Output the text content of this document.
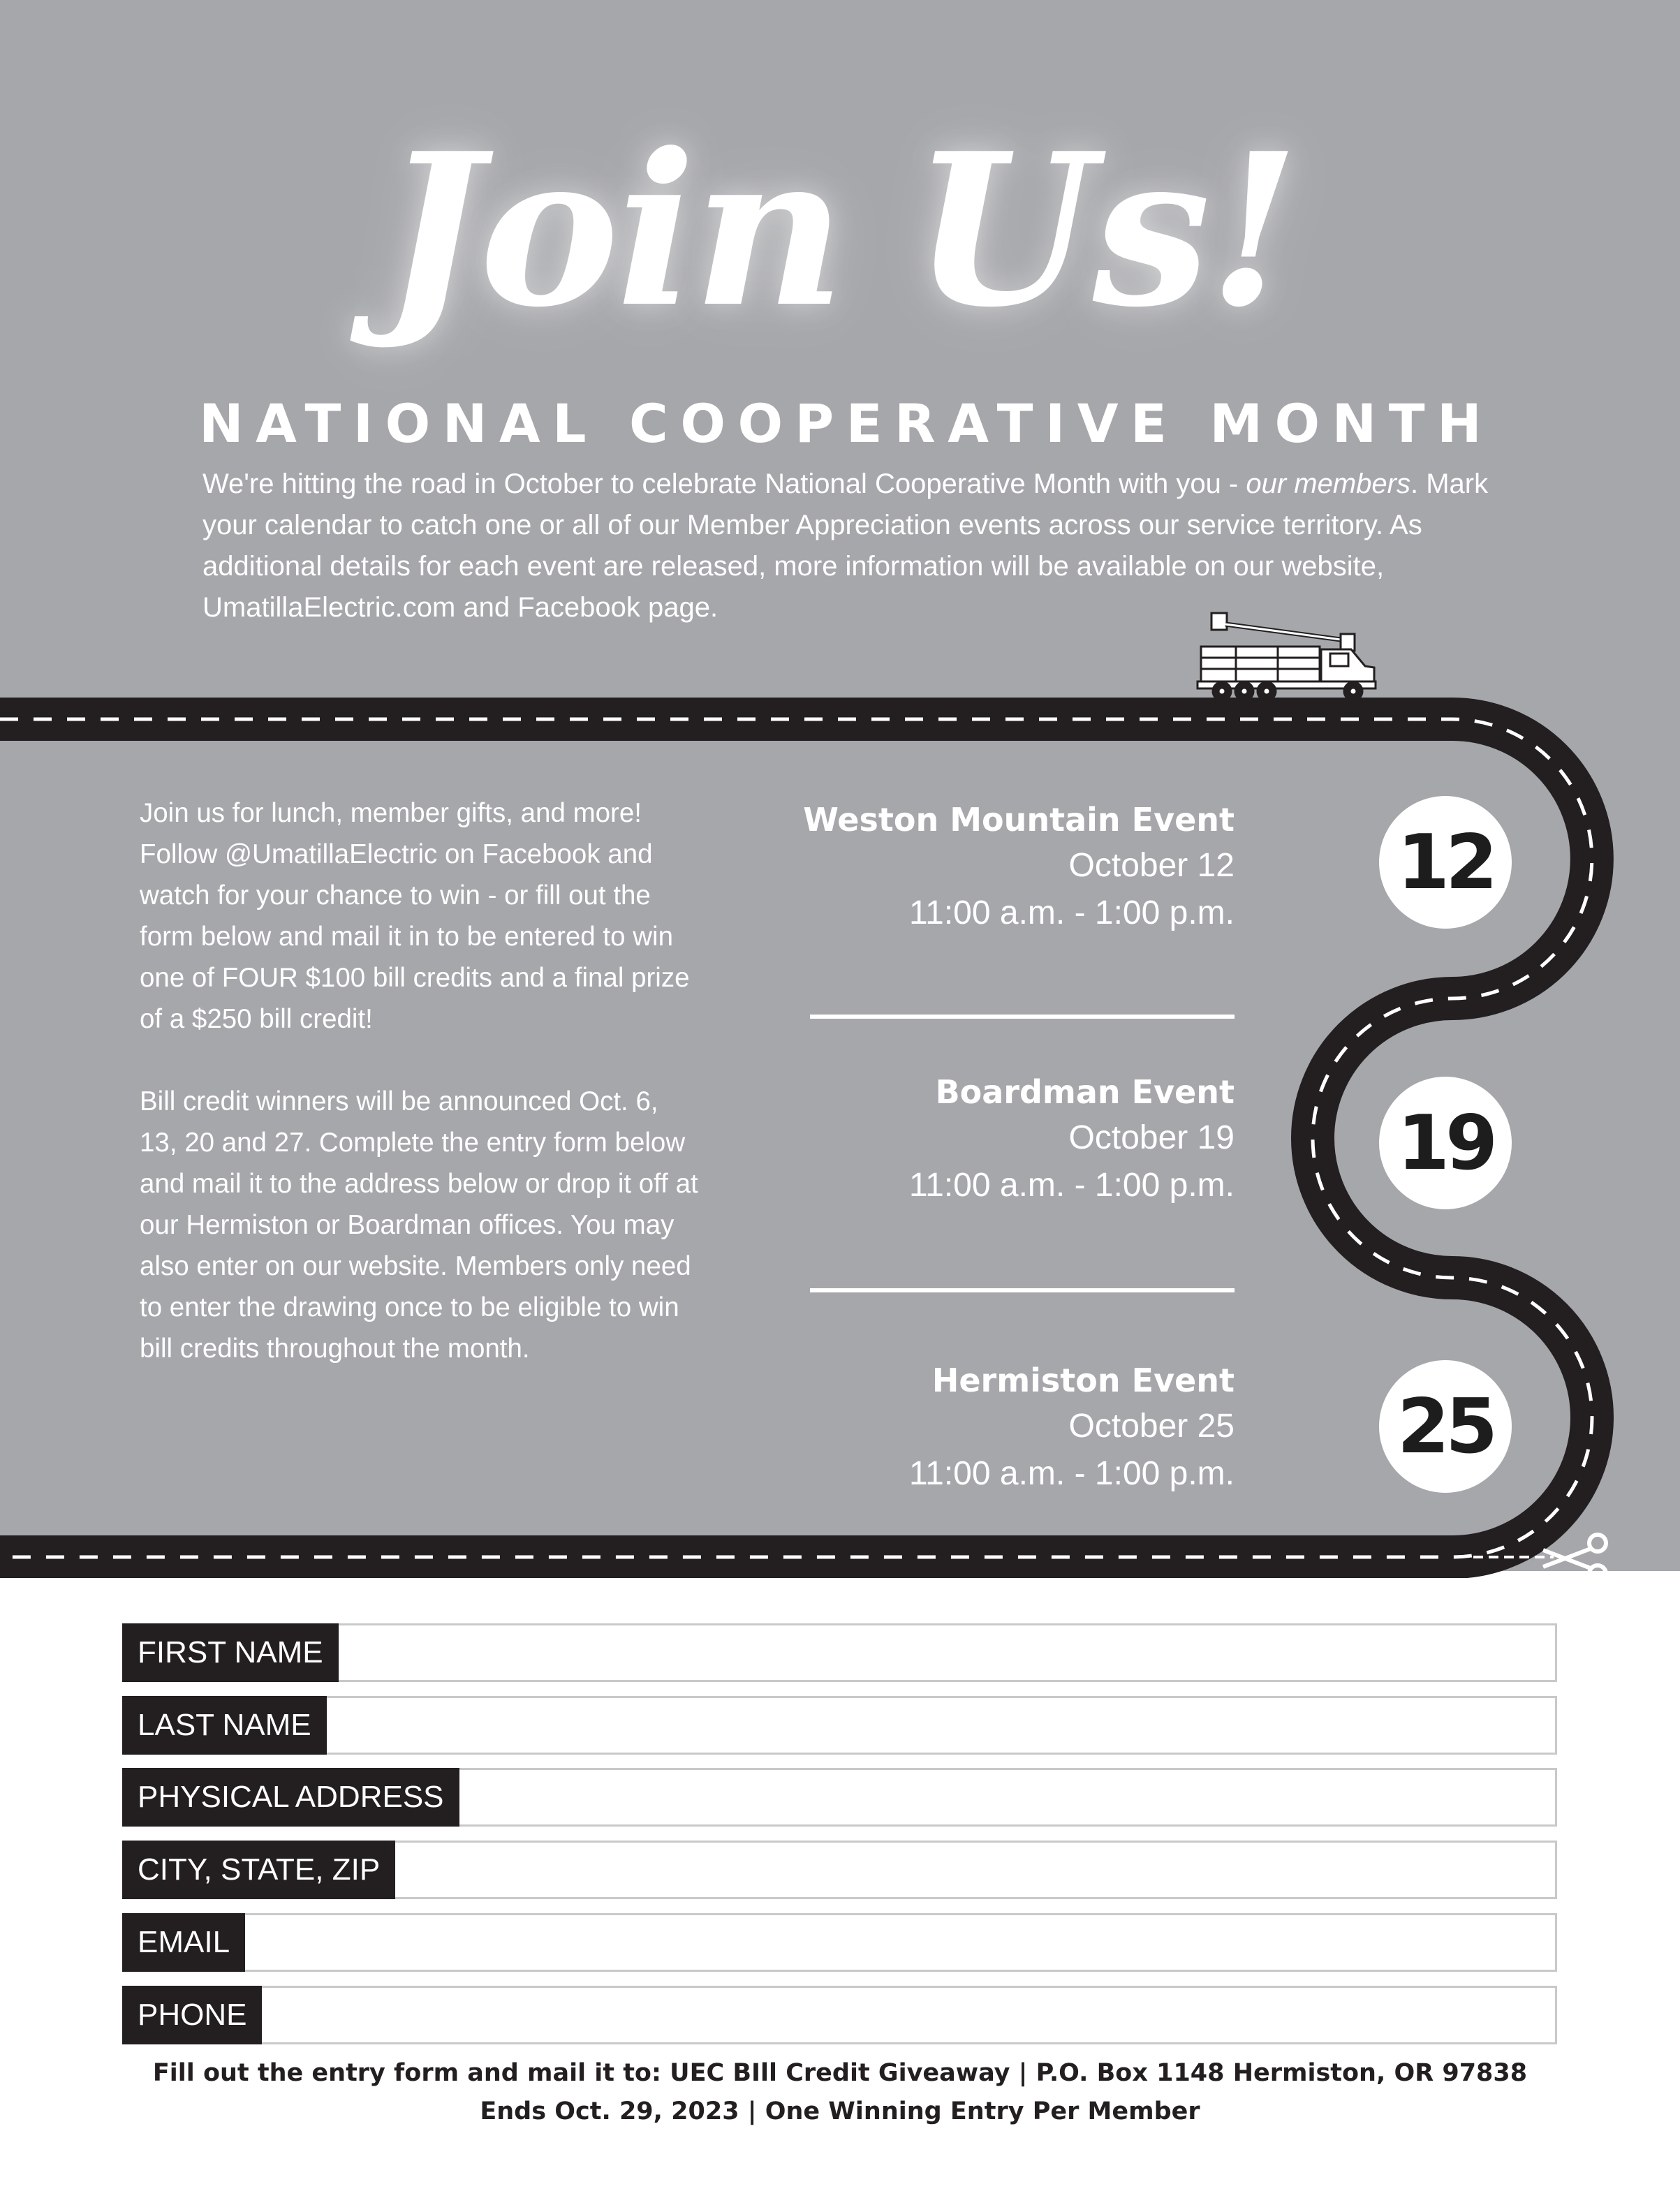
Join Us!
NATIONAL COOPERATIVE MONTH
We're hitting the road in October to celebrate National Cooperative Month with you - our members. Mark your calendar to catch one or all of our Member Appreciation events across our service territory. As additional details for each event are released, more information will be available on our website, UmatillaElectric.com and Facebook page.

Join us for lunch, member gifts, and more! Follow @UmatillaElectric on Facebook and watch for your chance to win - or fill out the form below and mail it in to be entered to win one of FOUR $100 bill credits and a final prize of a $250 bill credit!

Bill credit winners will be announced Oct. 6, 13, 20 and 27. Complete the entry form below and mail it to the address below or drop it off at our Hermiston or Boardman offices. You may also enter on our website. Members only need to enter the drawing once to be eligible to win bill credits throughout the month.

Weston Mountain Event
October 12
11:00 a.m. - 1:00 p.m.
Boardman Event
October 19
11:00 a.m. - 1:00 p.m.
Hermiston Event
October 25
11:00 a.m. - 1:00 p.m.
12
19
25
FIRST NAME
LAST NAME
PHYSICAL ADDRESS
CITY, STATE, ZIP
EMAIL
PHONE
Fill out the entry form and mail it to: UEC BIll Credit Giveaway | P.O. Box 1148 Hermiston, OR 97838
Ends Oct. 29, 2023 | One Winning Entry Per Member
